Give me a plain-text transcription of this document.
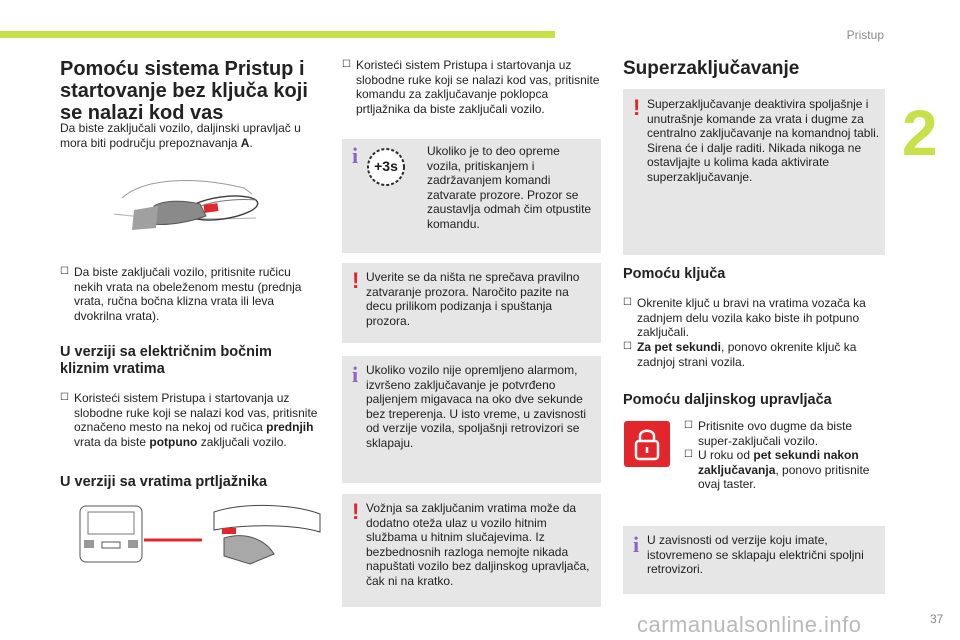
Pristup
2
Pomoću sistema Pristup i startovanje bez ključa koji se nalazi kod vas
Da biste zaključali vozilo, daljinski upravljač u mora biti području prepoznavanja A.
☐ Da biste zaključali vozilo, pritisnite ručicu nekih vrata na obeleženom mestu (prednja vrata, ručna bočna klizna vrata ili leva dvokrilna vrata).
U verziji sa električnim bočnim kliznim vratima
☐ Koristeći sistem Pristupa i startovanja uz slobodne ruke koji se nalazi kod vas, pritisnite označeno mesto na nekoj od ručica prednjih vrata da biste potpuno zaključali vozilo.
U verziji sa vratima prtljažnika
☐ Koristeći sistem Pristupa i startovanja uz slobodne ruke koji se nalazi kod vas, pritisnite komandu za zaključavanje poklopca prtljažnika da biste zaključali vozilo.
i	+3s
Ukoliko je to deo opreme vozila, pritiskanjem i zadržavanjem komandi zatvarate prozore. Prozor se zaustavlja odmah čim otpustite komandu.
! Uverite se da ništa ne sprečava pravilno zatvaranje prozora. Naročito pazite na decu prilikom podizanja i spuštanja prozora.
i Ukoliko vozilo nije opremljeno alarmom, izvršeno zaključavanje je potvrđeno paljenjem migavaca na oko dve sekunde bez treperenja. U isto vreme, u zavisnosti od verzije vozila, spoljašnji retrovizori se sklapaju.
! Vožnja sa zaključanim vratima može da dodatno oteža ulaz u vozilo hitnim službama u hitnim slučajevima. Iz bezbednosnih razloga nemojte nikada napuštati vozilo bez daljinskog upravljača, čak ni na kratko.
Superzaključavanje
! Superzaključavanje deaktivira spoljašnje i unutrašnje komande za vrata i dugme za centralno zaključavanje na komandnoj tabli. Sirena će i dalje raditi. Nikada nikoga ne ostavljajte u kolima kada aktivirate superzaključavanje.
Pomoću ključa
☐ Okrenite ključ u bravi na vratima vozača ka zadnjem delu vozila kako biste ih potpuno zaključali.
☐ Za pet sekundi, ponovo okrenite ključ ka zadnjoj strani vozila.
Pomoću daljinskog upravljača
☐ Pritisnite ovo dugme da biste super-zaključali vozilo.
☐ U roku od pet sekundi nakon zaključavanja, ponovo pritisnite ovaj taster.
i U zavisnosti od verzije koju imate, istovremeno se sklapaju električni spoljni retrovizori.
carmanualsonline.info	37
